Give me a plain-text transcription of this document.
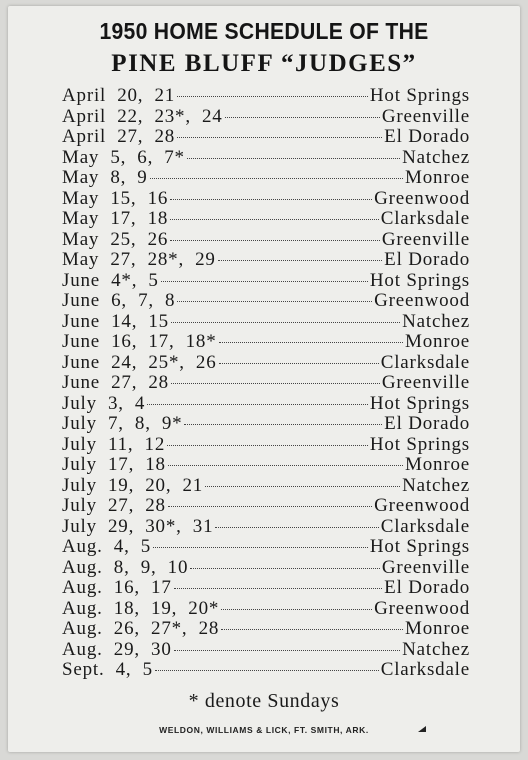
1950 HOME SCHEDULE OF THE
PINE BLUFF “JUDGES”
April  20,  21	Hot Springs
April  22,  23*,  24	Greenville
April  27,  28	El Dorado
May  5,  6,  7*	Natchez
May  8,  9	Monroe
May  15,  16	Greenwood
May  17,  18	Clarksdale
May  25,  26	Greenville
May  27,  28*,  29	El Dorado
June  4*,  5	Hot Springs
June  6,  7,  8	Greenwood
June  14,  15	Natchez
June  16,  17,  18*	Monroe
June  24,  25*,  26	Clarksdale
June  27,  28	Greenville
July  3,  4	Hot Springs
July  7,  8,  9*	El Dorado
July  11,  12	Hot Springs
July  17,  18	Monroe
July  19,  20,  21	Natchez
July  27,  28	Greenwood
July  29,  30*,  31	Clarksdale
Aug.  4,  5	Hot Springs
Aug.  8,  9,  10	Greenville
Aug.  16,  17	El Dorado
Aug.  18,  19,  20*	Greenwood
Aug.  26,  27*,  28	Monroe
Aug.  29,  30	Natchez
Sept.  4,  5	Clarksdale
* denote Sundays
WELDON, WILLIAMS & LICK, FT. SMITH, ARK.
